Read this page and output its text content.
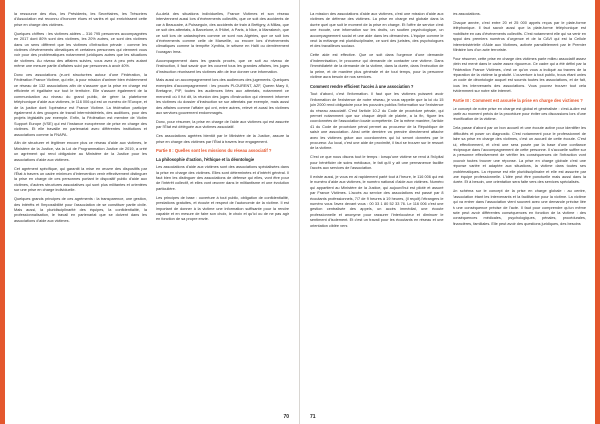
la ressource des élus, les Présidents, les Secrétaires, les Trésoriers d'Association est reconnu d'honorer élues et variés et qui enrichissent cette prise en charge des victimes.

Quelques chiffres : les victimes aidées – 316 795 personnes accompagnées en 2017 dont 80% sont des victimes, les 20% autres, ce sont des victimes dans un sens différent que les victimes d'infraction pénale : comme les victimes d'événements climatiques et certaines personnes qui viennent vous voir pour des problématiques notamment juridiques autres que les situations de victimes. Au niveau des affaires suivies, vous avez à peu près autant même une mesure partie d'affaires suivi par personnes à avoir 40%.

Donc ces associations (e-ont structurées autour d'une Fédération, la Fédération France Victime, qui elle, à pour mission d'animer bien évidemment ce réseau de 132 associations afin de s'assurer que la prise en charge est efficiente et égalitaire sur tout le territoire. Elle s'assure également de la communication au niveau du grand public, de gérer la plateforme téléphonique d'aide aux victimes, le 116 006 qui est un numéro de l'Europe, et de la justice dont l'opérateur est France Victime. La fédération participe également à des groupes de travail interministériels, des auditions, pour des projets législatifs par exemple. Enfin, la Fédération est membre de Victim Support Europe (VSE) qui est l'instance européenne de prise en charge des victimes. Et elle travaille en partenariat avec différentes institutions et associations comme la FNAPA.

Afin de structurer et légitimer encore plus ce réseau d'aide aux victimes, le Ministère de la Justice, via la Loi de Programmation Justice de 2019, a créé un agrément qui rend obligatoire au Ministère de la Justice pour les associations d'aide aux victimes.

Cet agrément spécifique, qui garantit la mise en œuvre des dispositifs par l'État à travers un cadre minimum d'intervention venir effectivement distinguer la prise en charge de ces personnes portant le dispositif public d'aide aux victimes, d'autres structures associatives qui sont plus militantes et orientées sur une prise en charge individuelle.

Quelques grands principes de ces agréments : la transparence, une gestion, des intérêts et l'impossibilité pour l'association de se constituer partie civile. Mais aussi, la pluridisciplinarité des équipes, la confidentialité, la professionnalisation, le travail en partenariat que se doivent dans les associations d'aide aux victimes.

Au-delà des situations individuelles, France Victimes et son réseau interviennent aussi lors d'événements collectifs, que ce soit des accidents de car à Beaucaire, à Puisseguin, des accidents de train à Brétigny, à Millas, que ce soit des attentats, à Barcelone, à l'Hôtel, à Paris, à Nice, à Marrakech, que ce soit lors de catastrophes comme ce sont nos Algéries, que ce soit lors d'événements comme celle de Marseille, ou encore lors d'événements climatiques comme la tempête Xynthia, le séisme en Haïti ou dernièrement l'ouragan Irma.

Accompagnement dans les grands procès, que ce soit au niveau de l'instruction, il faut savoir que les courent tous les grandes affaires, les juges d'instruction réunissent les victimes afin de leur donner une information.

Mais aussi un accompagnement lors des audiences des jugements. Quelques exemples d'accompagnement : les procès PLOURENT, AZF, Queen Mary II, Bretagne, PIP, toutes les audiences liées aux attentats, notamment ce mercredi où il fut dit, la réunion des juges d'instruction qui viennent informer les victimes du dossier d'instruction se sur attentats par exemple, mais aussi des affaires comme l'affaire qui ont, entre autres, relevé et aussi les victimes aux services gouvernent endommagés.

Donc, pour résumer, la prise en charge de l'aide aux victimes qui est assurée par l'État est déléguée aux victimes associatif.

Ces associations agréées bientôt par le Ministère de la Justice, assure la prise en charge des victimes par l'État à travers leur engagement.

Partie II : Quelles sont les missions du réseau associatif ?
La philosophie d'action, l'éthique et la déontologie

Les associations d'aide aux victimes sont des associations spécialisées dans la prise en charge des victimes. Elles sont déterminées et d'intérêt général. Il faut bien les distinguer des associations de défense qui elles, vont être pour de l'intérêt collectif, et elles vont œuvrer dans le militantisme et une évolution particulière.

Les principes de base : ouverture à tout public, obligation de confidentialité, prestations gratuites, et écoute et respect de l'autonomie de la victime. Il est important de donner à la victime une information suffisante pour la rendre capable et en mesure de faire son choix, le choix et qu'ici ou de ne pas agir en fonction de sa propre envie.

70

La mission des associations d'aide aux victimes, c'est une mission d'aide aux victimes de défense des victimes. La prise en charge est globale dans la durée quel que soit le moment de la prise en charge. Et l'offre de service c'est une écoute, une information sur les droits, un soutien psychologique, un accompagnement social et une aide dans les démarches. L'équipe comme le veut la mélange est pluridisciplinaire, ce sont des juristes, des psychologues et des travailleurs sociaux.

Cette aide est effective. Que ce soit dans l'urgence d'une demande d'indemnisation, le procureur qui demande de contacter une victime. Dans l'immédiateté de la demande de la victime, dans la durée, dans l'exécution de la peine, et de manière plus générale et de tout temps, pour la personne victime aura besoin de nos services.

Comment rendre efficient l'accès à une association ?

Tout d'abord, c'est l'information. Il faut que les victimes puissent avoir l'information de l'existence de notre réseau, je vous rappelle que la loi du 15 juin 2000 rend obligatoire pour les pouvoirs publics l'information sur l'existence du réseau associatif. C'est l'article 10-2 du Code de procédure pénale, qui permet notamment que sur chaque dépôt de plainte, a la fin, figure les coordonnées de l'association locale compétente. De la même manière, l'article 41 du Code de procédure pénal permet au procureur de la République de saisir une association. Ainsi cette dernière va prendre directement attache avec les victimes grâce aux coordonnées qui lui seront données par le procureur. Au local, c'est une aide de proximité, il faut se trouver sur le ressort de la victime.

C'est ce que nous disons tout le temps : lorsqu'une victime se rend à l'hôpital pour bénéficier de soins médicaux, le fait qu'il y ait une permanence facilite l'accès aux services de l'association.

Il existe aussi, je vous en ai rapidement parlé tout à l'heure, le 116 006 qui est le numéro d'aide aux victimes, le numéro national d'aide aux victimes. Numéro qui appartient au Ministère de la Justice, qui aujourd'hui est piloté et assuré par France Victimes. L'accès au service des associations est passé par 8 écoutants professionnels, 7/7 de 9 heures à 19 heures, (il reçoit) l'étrangers le numéro vous l'avez devant vous : 00 33 1 80 52 33 76. Le 116 006 c'est une gestion centralisée des appels, un accès immédiat, une écoute professionnelle et anonyme pour rassurer l'interlocuteur et diminuer le sentiment d'isolement. Et c'est un travail pour les écoutants en réseau et une orientation ciblée vers

les associations.

Chaque année, c'est entre 20 et 25 000 appels reçus par le plate-forme téléphonique. Il faut savoir aussi que la plate-forme téléphonique est mobilisée en cas d'événements collectifs. C'est notamment elle qui va venir en appui des premiers numéros d'urgence et de la CAVI qui est la Cellule Interministérielle d'Aide aux Victimes, activée parrallèlement par le Premier Ministre lors d'un acte terroriste.

Pour résumer, cette prise en charge des victimes parle milieu associatif assez plein est mené dans le cadre assez rigoureux. Ce cadre qui a été défini par la Fédération France Victimes, c'est ce qu'on vous a indiqué au travers de la réparation de la victime la gratuité. L'ouverture à tout public, trous étant unies un code de déontologie auquel est soumis toutes les associations, et de fait, tous les intervenants des associations. Vous pouvez trouver tout cela évidemment sur notre site internet.

Partie III : Comment est assurée la prise en charge des victimes ?

Le concept de notre prise en charge est global et généraliste : c'est-à-dire est partir au moment précis de la procédure pour éviter ces discussions lors d'une réunification de la victime.

Cela passe d'abord par un bon accueil et une écoute active pour identifier les difficultés et poser un diagnostic. C'est notamment pour le professionnel de faire sa prise en charge des victimes, c'est un accueil de cette écoute. C'est lui, effectivement, et c'est une sera posée par la base d'une confiance réciproque dans l'accompagnement de cette personne. Il s'accuelle suffire sur la personne effectivement de vérifier les conséquences de l'infraction vont pouvoir toutes trouver une réponse. La prise en charge globale c'est une réponse variée et adaptée aux situations, la victime dans toutes ses problématiques. La réponse est elle pluridisciplinaire et elle est assurée par une équipe professionnelle. L'idée peut être ponctuelle mais aussi dans la durée. Et à besoin, une orientation sera faite vers des services spécialisés.

Un schéma sur le concept de la prise en charge globale : au centre, l'association étant les intervenants et la facilitatrice pour la victime. La victime qui va entrer dans l'association vient souvent avec une demande précise liée à une conséquence précise de l'acte. Il faut pour comprendre qu'un même acte peut avoir différentes conséquences en fonction de la victime : des conséquences médicales, psychologiques, pénales, procédurales, financières, familiales. Elle peut avoir des questions juridiques, des besoins

71
